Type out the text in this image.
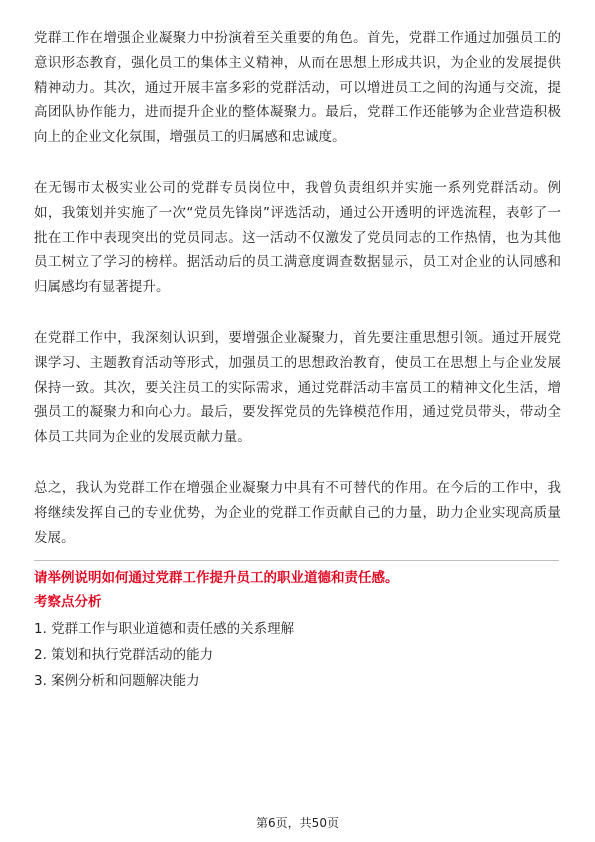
党群工作在增强企业凝聚力中扮演着至关重要的角色。首先，党群工作通过加强员工的意识形态教育，强化员工的集体主义精神，从而在思想上形成共识，为企业的发展提供精神动力。其次，通过开展丰富多彩的党群活动，可以增进员工之间的沟通与交流，提高团队协作能力，进而提升企业的整体凝聚力。最后，党群工作还能够为企业营造积极向上的企业文化氛围，增强员工的归属感和忠诚度。

在无锡市太极实业公司的党群专员岗位中，我曾负责组织并实施一系列党群活动。例如，我策划并实施了一次“党员先锋岗”评选活动，通过公开透明的评选流程，表彰了一批在工作中表现突出的党员同志。这一活动不仅激发了党员同志的工作热情，也为其他员工树立了学习的榜样。据活动后的员工满意度调查数据显示，员工对企业的认同感和归属感均有显著提升。

在党群工作中，我深刻认识到，要增强企业凝聚力，首先要注重思想引领。通过开展党课学习、主题教育活动等形式，加强员工的思想政治教育，使员工在思想上与企业发展保持一致。其次，要关注员工的实际需求，通过党群活动丰富员工的精神文化生活，增强员工的凝聚力和向心力。最后，要发挥党员的先锋模范作用，通过党员带头，带动全体员工共同为企业的发展贡献力量。

总之，我认为党群工作在增强企业凝聚力中具有不可替代的作用。在今后的工作中，我将继续发挥自己的专业优势，为企业的党群工作贡献自己的力量，助力企业实现高质量发展。

请举例说明如何通过党群工作提升员工的职业道德和责任感。

考察点分析

1. 党群工作与职业道德和责任感的关系理解
2. 策划和执行党群活动的能力
3. 案例分析和问题解决能力
第6页，共50页
